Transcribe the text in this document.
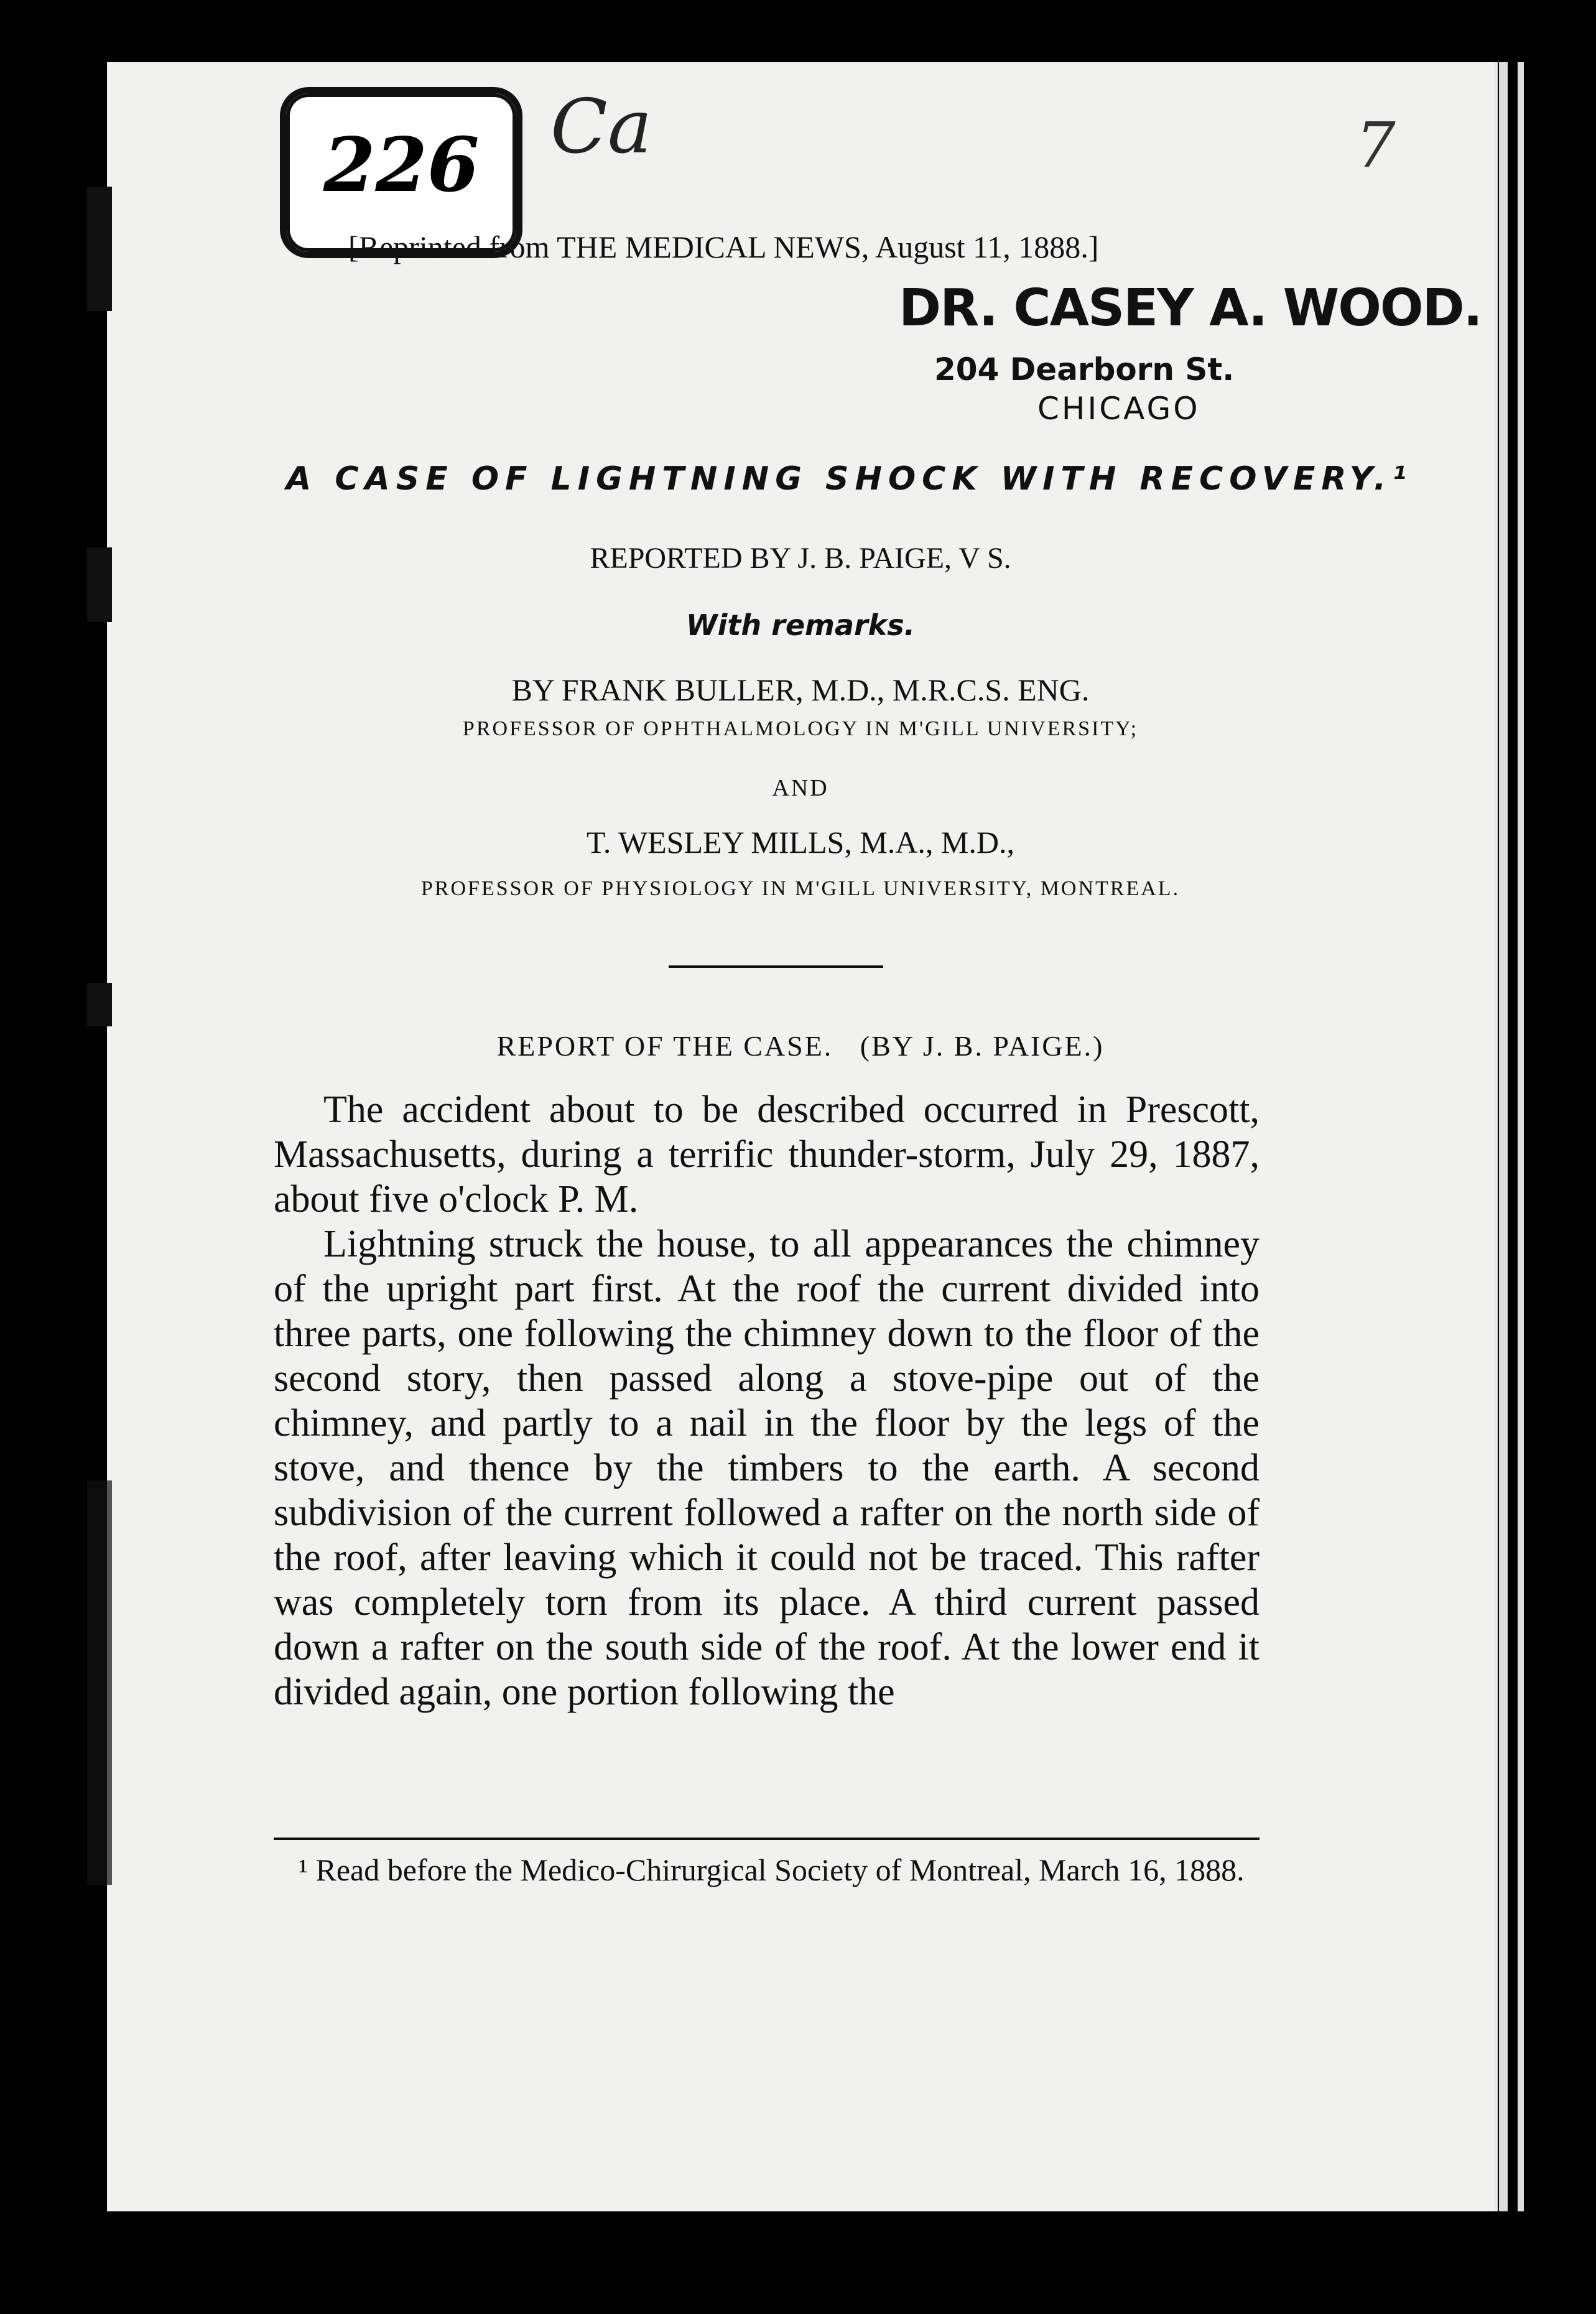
226 Ca	7
[Reprinted from THE MEDICAL NEWS, August 11, 1888.]
DR. CASEY A. WOOD.
204 Dearborn St.
CHICAGO
A CASE OF LIGHTNING SHOCK WITH RECOVERY.¹
REPORTED BY J. B. PAIGE, V S.
With remarks.
BY FRANK BULLER, M.D., M.R.C.S. ENG.
PROFESSOR OF OPHTHALMOLOGY IN M'GILL UNIVERSITY;
AND
T. WESLEY MILLS, M.A., M.D.,
PROFESSOR OF PHYSIOLOGY IN M'GILL UNIVERSITY, MONTREAL.
REPORT OF THE CASE.   (BY J. B. PAIGE.)

The accident about to be described occurred in Prescott, Massachusetts, during a terrific thunder-storm, July 29, 1887, about five o'clock P. M.

Lightning struck the house, to all appearances the chimney of the upright part first. At the roof the current divided into three parts, one following the chimney down to the floor of the second story, then passed along a stove-pipe out of the chimney, and partly to a nail in the floor by the legs of the stove, and thence by the timbers to the earth. A second subdivision of the current followed a rafter on the north side of the roof, after leaving which it could not be traced. This rafter was completely torn from its place. A third current passed down a rafter on the south side of the roof. At the lower end it divided again, one portion following the

¹ Read before the Medico-Chirurgical Society of Montreal, March 16, 1888.
